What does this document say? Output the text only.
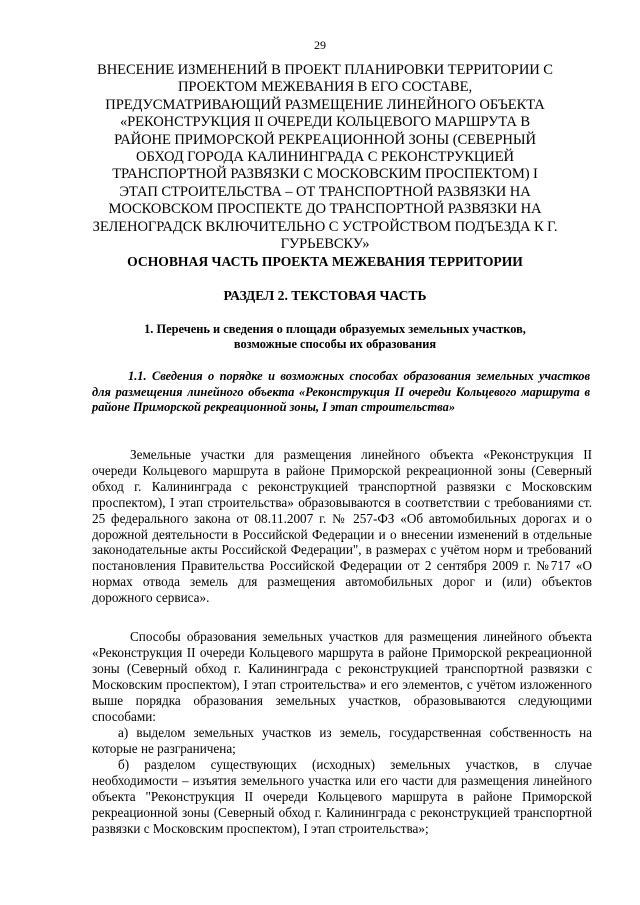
29
ВНЕСЕНИЕ ИЗМЕНЕНИЙ В ПРОЕКТ ПЛАНИРОВКИ ТЕРРИТОРИИ С ПРОЕКТОМ МЕЖЕВАНИЯ В ЕГО СОСТАВЕ, ПРЕДУСМАТРИВАЮЩИЙ РАЗМЕЩЕНИЕ ЛИНЕЙНОГО ОБЪЕКТА «РЕКОНСТРУКЦИЯ II ОЧЕРЕДИ КОЛЬЦЕВОГО МАРШРУТА В РАЙОНЕ ПРИМОРСКОЙ РЕКРЕАЦИОННОЙ ЗОНЫ (СЕВЕРНЫЙ ОБХОД ГОРОДА КАЛИНИНГРАДА С РЕКОНСТРУКЦИЕЙ ТРАНСПОРТНОЙ РАЗВЯЗКИ С МОСКОВСКИМ ПРОСПЕКТОМ) I ЭТАП СТРОИТЕЛЬСТВА – ОТ ТРАНСПОРТНОЙ РАЗВЯЗКИ НА МОСКОВСКОМ ПРОСПЕКТЕ ДО ТРАНСПОРТНОЙ РАЗВЯЗКИ НА ЗЕЛЕНОГРАДСК ВКЛЮЧИТЕЛЬНО С УСТРОЙСТВОМ ПОДЪЕЗДА К Г. ГУРЬЕВСКУ»
ОСНОВНАЯ ЧАСТЬ ПРОЕКТА МЕЖЕВАНИЯ ТЕРРИТОРИИ
РАЗДЕЛ 2. ТЕКСТОВАЯ ЧАСТЬ
1. Перечень и сведения о площади образуемых земельных участков, возможные способы их образования
1.1. Сведения о порядке и возможных способах образования земельных участков для размещения линейного объекта «Реконструкция II очереди Кольцевого маршрута в районе Приморской рекреационной зоны, I этап строительства»
Земельные участки для размещения линейного объекта «Реконструкция II очереди Кольцевого маршрута в районе Приморской рекреационной зоны (Северный обход г. Калининграда с реконструкцией транспортной развязки с Московским проспектом), I этап строительства» образовываются в соответствии с требованиями ст. 25 федерального закона от 08.11.2007 г. № 257-ФЗ «Об автомобильных дорогах и о дорожной деятельности в Российской Федерации и о внесении изменений в отдельные законодательные акты Российской Федерации", в размерах с учётом норм и требований постановления Правительства Российской Федерации от 2 сентября 2009 г. №717 «О нормах отвода земель для размещения автомобильных дорог и (или) объектов дорожного сервиса».
Способы образования земельных участков для размещения линейного объекта «Реконструкция II очереди Кольцевого маршрута в районе Приморской рекреационной зоны (Северный обход г. Калининграда с реконструкцией транспортной развязки с Московским проспектом), I этап строительства» и его элементов, с учётом изложенного выше порядка образования земельных участков, образовываются следующими способами:
а) выделом земельных участков из земель, государственная собственность на которые не разграничена;
б) разделом существующих (исходных) земельных участков, в случае необходимости – изъятия земельного участка или его части для размещения линейного объекта "Реконструкция II очереди Кольцевого маршрута в районе Приморской рекреационной зоны (Северный обход г. Калининграда с реконструкцией транспортной развязки с Московским проспектом), I этап строительства»;
